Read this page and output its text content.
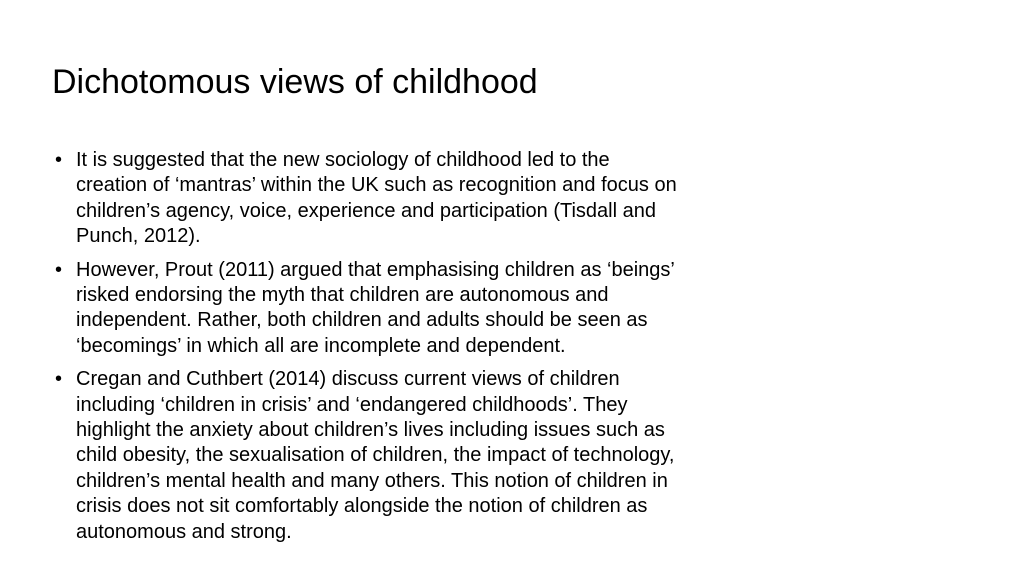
Dichotomous views of childhood
• It is suggested that the new sociology of childhood led to the
creation of ‘mantras’ within the UK such as recognition and focus on
children’s agency, voice, experience and participation (Tisdall and
Punch, 2012).
• However, Prout (2011) argued that emphasising children as ‘beings’
risked endorsing the myth that children are autonomous and
independent. Rather, both children and adults should be seen as
‘becomings’ in which all are incomplete and dependent.
• Cregan and Cuthbert (2014) discuss current views of children
including ‘children in crisis’ and ‘endangered childhoods’. They
highlight the anxiety about children’s lives including issues such as
child obesity, the sexualisation of children, the impact of technology,
children’s mental health and many others. This notion of children in
crisis does not sit comfortably alongside the notion of children as
autonomous and strong.
